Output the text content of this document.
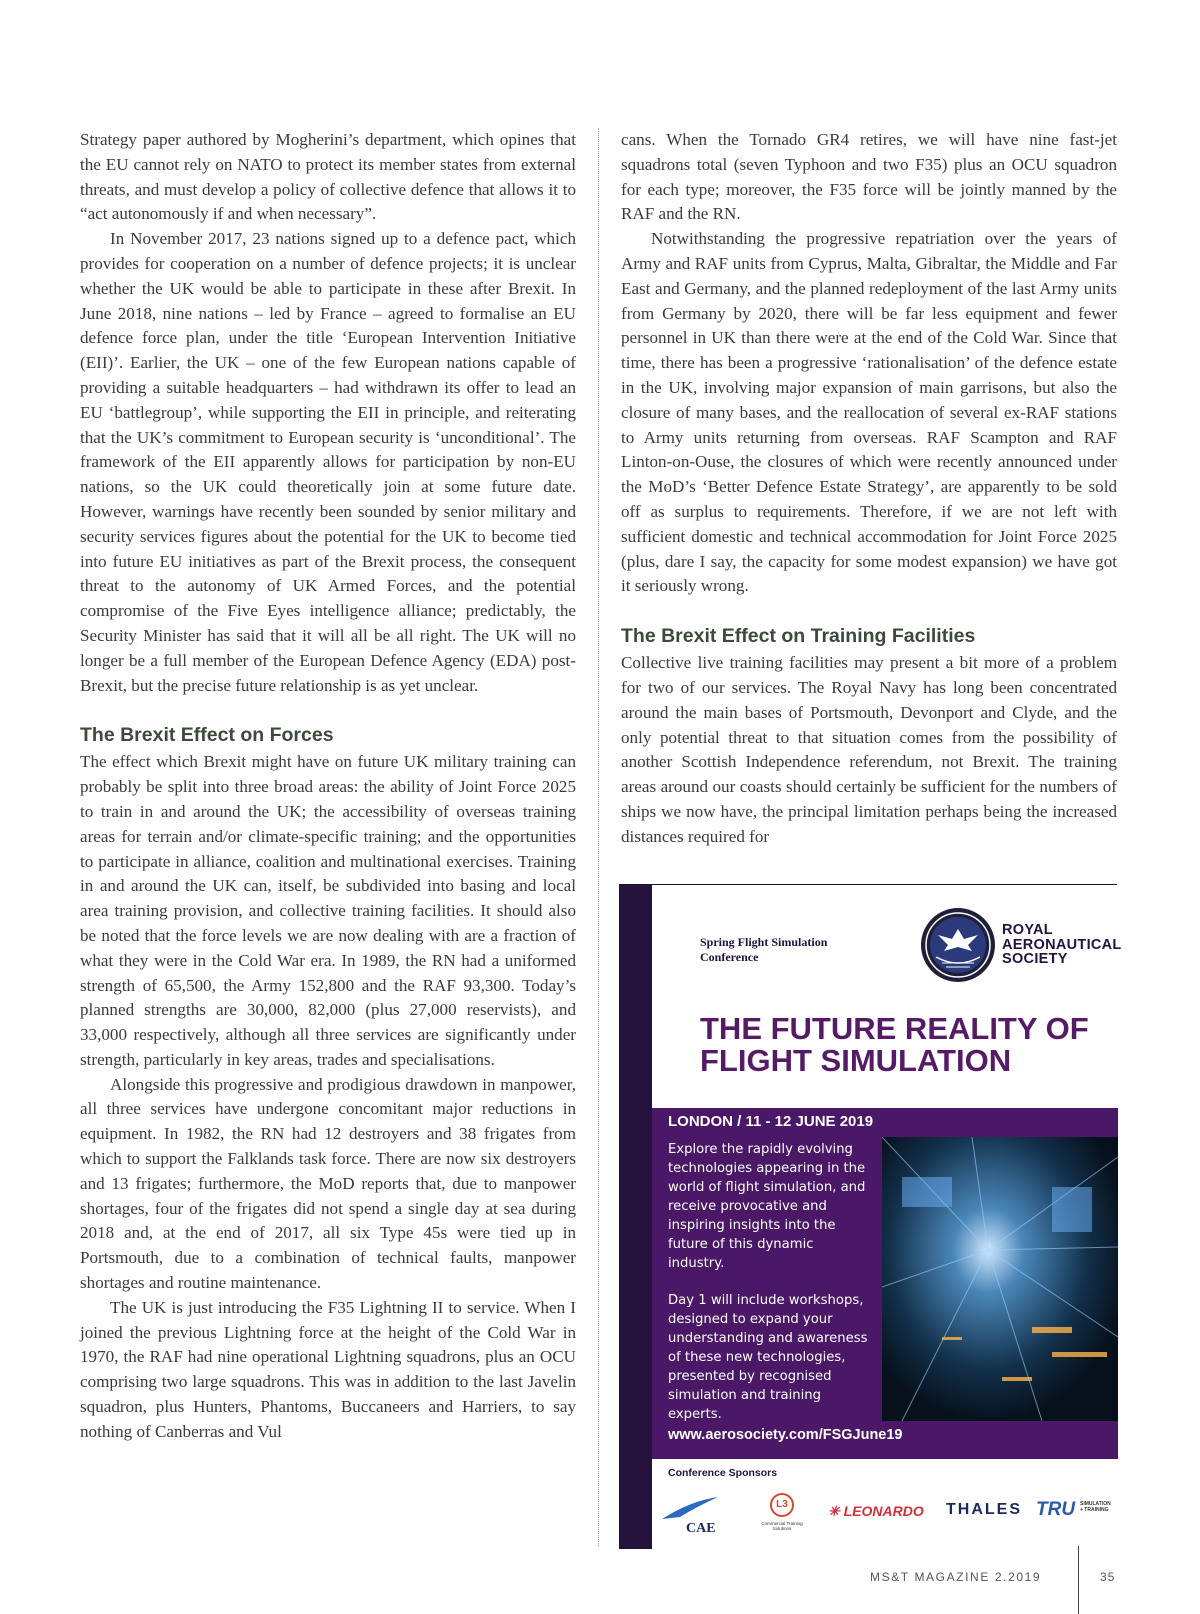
Strategy paper authored by Mogherini’s department, which opines that the EU cannot rely on NATO to protect its member states from external threats, and must develop a policy of collective defence that allows it to “act autonomously if and when necessary”.

In November 2017, 23 nations signed up to a defence pact, which provides for cooperation on a number of defence projects; it is unclear whether the UK would be able to participate in these after Brexit. In June 2018, nine nations – led by France – agreed to formalise an EU defence force plan, under the title ‘European Intervention Initiative (EII)’. Earlier, the UK – one of the few European nations capable of providing a suitable headquarters – had withdrawn its offer to lead an EU ‘battlegroup’, while supporting the EII in principle, and reiterating that the UK’s commitment to European security is ‘unconditional’. The framework of the EII apparently allows for participation by non-EU nations, so the UK could theoretically join at some future date. However, warnings have recently been sounded by senior military and security services figures about the potential for the UK to become tied into future EU initiatives as part of the Brexit process, the consequent threat to the autonomy of UK Armed Forces, and the potential compromise of the Five Eyes intelligence alliance; predictably, the Security Minister has said that it will all be all right. The UK will no longer be a full member of the European Defence Agency (EDA) post-Brexit, but the precise future relationship is as yet unclear.

The Brexit Effect on Forces

The effect which Brexit might have on future UK military training can probably be split into three broad areas: the ability of Joint Force 2025 to train in and around the UK; the accessibility of overseas training areas for terrain and/or climate-specific training; and the opportunities to participate in alliance, coalition and multinational exercises. Training in and around the UK can, itself, be subdivided into basing and local area training provision, and collective training facilities. It should also be noted that the force levels we are now dealing with are a fraction of what they were in the Cold War era. In 1989, the RN had a uniformed strength of 65,500, the Army 152,800 and the RAF 93,300. Today’s planned strengths are 30,000, 82,000 (plus 27,000 reservists), and 33,000 respectively, although all three services are significantly under strength, particularly in key areas, trades and specialisations.

Alongside this progressive and prodigious drawdown in manpower, all three services have undergone concomitant major reductions in equipment. In 1982, the RN had 12 destroyers and 38 frigates from which to support the Falklands task force. There are now six destroyers and 13 frigates; furthermore, the MoD reports that, due to manpower shortages, four of the frigates did not spend a single day at sea during 2018 and, at the end of 2017, all six Type 45s were tied up in Portsmouth, due to a combination of technical faults, manpower shortages and routine maintenance.

The UK is just introducing the F35 Lightning II to service. When I joined the previous Lightning force at the height of the Cold War in 1970, the RAF had nine operational Lightning squadrons, plus an OCU comprising two large squadrons. This was in addition to the last Javelin squadron, plus Hunters, Phantoms, Buccaneers and Harriers, to say nothing of Canberras and Vul

cans. When the Tornado GR4 retires, we will have nine fast-jet squadrons total (seven Typhoon and two F35) plus an OCU squadron for each type; moreover, the F35 force will be jointly manned by the RAF and the RN.

Notwithstanding the progressive repatriation over the years of Army and RAF units from Cyprus, Malta, Gibraltar, the Middle and Far East and Germany, and the planned redeployment of the last Army units from Germany by 2020, there will be far less equipment and fewer personnel in UK than there were at the end of the Cold War. Since that time, there has been a progressive ‘rationalisation’ of the defence estate in the UK, involving major expansion of main garrisons, but also the closure of many bases, and the reallocation of several ex-RAF stations to Army units returning from overseas. RAF Scampton and RAF Linton-on-Ouse, the closures of which were recently announced under the MoD’s ‘Better Defence Estate Strategy’, are apparently to be sold off as surplus to requirements. Therefore, if we are not left with sufficient domestic and technical accommodation for Joint Force 2025 (plus, dare I say, the capacity for some modest expansion) we have got it seriously wrong.

The Brexit Effect on Training Facilities

Collective live training facilities may present a bit more of a problem for two of our services. The Royal Navy has long been concentrated around the main bases of Portsmouth, Devonport and Clyde, and the only potential threat to that situation comes from the possibility of another Scottish Independence referendum, not Brexit. The training areas around our coasts should certainly be sufficient for the numbers of ships we now have, the principal limitation perhaps being the increased distances required for

Spring Flight Simulation
Conference
ROYAL
AERONAUTICAL
SOCIETY
THE FUTURE REALITY OF
FLIGHT SIMULATION
LONDON / 11 - 12 JUNE 2019

Explore the rapidly evolving technologies appearing in the world of flight simulation, and receive provocative and inspiring insights into the future of this dynamic industry.

Day 1 will include workshops, designed to expand your understanding and awareness of these new technologies, presented by recognised simulation and training experts.

www.aerosociety.com/FSGJune19
Conference Sponsors
CAE
L3
Commercial Training Solutions
✳ LEONARDO THALES TRU SIMULATION
+ TRAINING
MS&T MAGAZINE 2.2019	35
